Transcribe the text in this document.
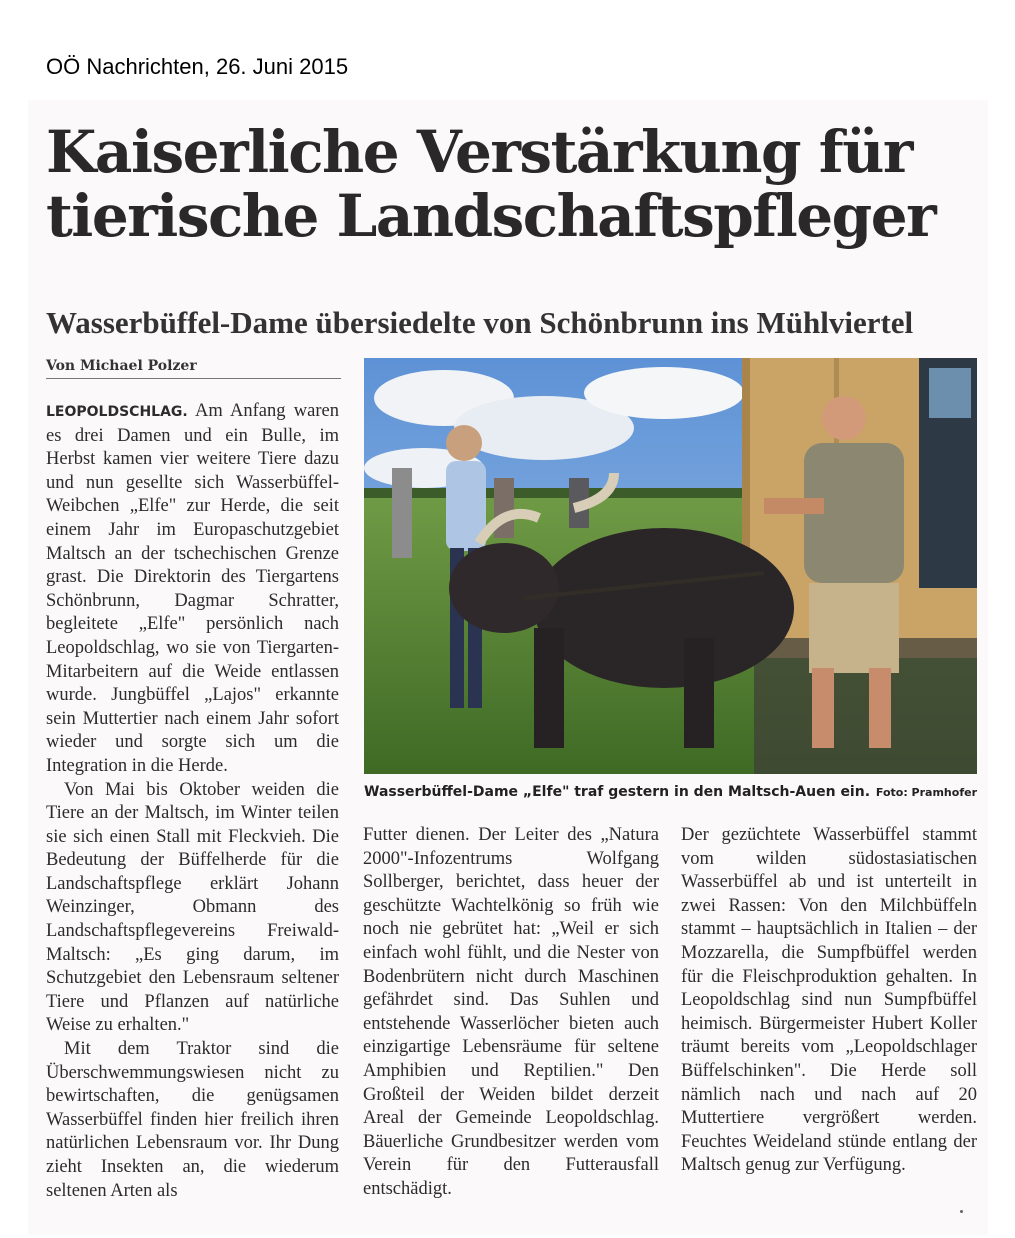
OÖ Nachrichten, 26. Juni 2015
Kaiserliche Verstärkung für tierische Landschaftspfleger
Wasserbüffel-Dame übersiedelte von Schönbrunn ins Mühlviertel
Von Michael Polzer

LEOPOLDSCHLAG. Am Anfang waren es drei Damen und ein Bulle, im Herbst kamen vier weitere Tiere dazu und nun gesellte sich Wasserbüffel-Weibchen „Elfe" zur Herde, die seit einem Jahr im Europaschutzgebiet Maltsch an der tschechischen Grenze grast. Die Direktorin des Tiergartens Schönbrunn, Dagmar Schratter, begleitete „Elfe" persönlich nach Leopoldschlag, wo sie von Tiergarten-Mitarbeitern auf die Weide entlassen wurde. Jungbüffel „Lajos" erkannte sein Muttertier nach einem Jahr sofort wieder und sorgte sich um die Integration in die Herde.

Von Mai bis Oktober weiden die Tiere an der Maltsch, im Winter teilen sie sich einen Stall mit Fleckvieh. Die Bedeutung der Büffelherde für die Landschaftspflege erklärt Johann Weinzinger, Obmann des Landschaftspflegevereins Freiwald-Maltsch: „Es ging darum, im Schutzgebiet den Lebensraum seltener Tiere und Pflanzen auf natürliche Weise zu erhalten."

Mit dem Traktor sind die Überschwemmungswiesen nicht zu bewirtschaften, die genügsamen Wasserbüffel finden hier freilich ihren natürlichen Lebensraum vor. Ihr Dung zieht Insekten an, die wiederum seltenen Arten als

Wasserbüffel-Dame „Elfe" traf gestern in den Maltsch-Auen ein. Foto: Pramhofer

Futter dienen. Der Leiter des „Natura 2000"-Infozentrums Wolfgang Sollberger, berichtet, dass heuer der geschützte Wachtelkönig so früh wie noch nie gebrütet hat: „Weil er sich einfach wohl fühlt, und die Nester von Bodenbrütern nicht durch Maschinen gefährdet sind. Das Suhlen und entstehende Wasserlöcher bieten auch einzigartige Lebensräume für seltene Amphibien und Reptilien." Den Großteil der Weiden bildet derzeit Areal der Gemeinde Leopoldschlag. Bäuerliche Grundbesitzer werden vom Verein für den Futterausfall entschädigt.

Der gezüchtete Wasserbüffel stammt vom wilden südostasiatischen Wasserbüffel ab und ist unterteilt in zwei Rassen: Von den Milchbüffeln stammt – hauptsächlich in Italien – der Mozzarella, die Sumpfbüffel werden für die Fleischproduktion gehalten. In Leopoldschlag sind nun Sumpfbüffel heimisch. Bürgermeister Hubert Koller träumt bereits vom „Leopoldschlager Büffelschinken". Die Herde soll nämlich nach und nach auf 20 Muttertiere vergrößert werden. Feuchtes Weideland stünde entlang der Maltsch genug zur Verfügung.
